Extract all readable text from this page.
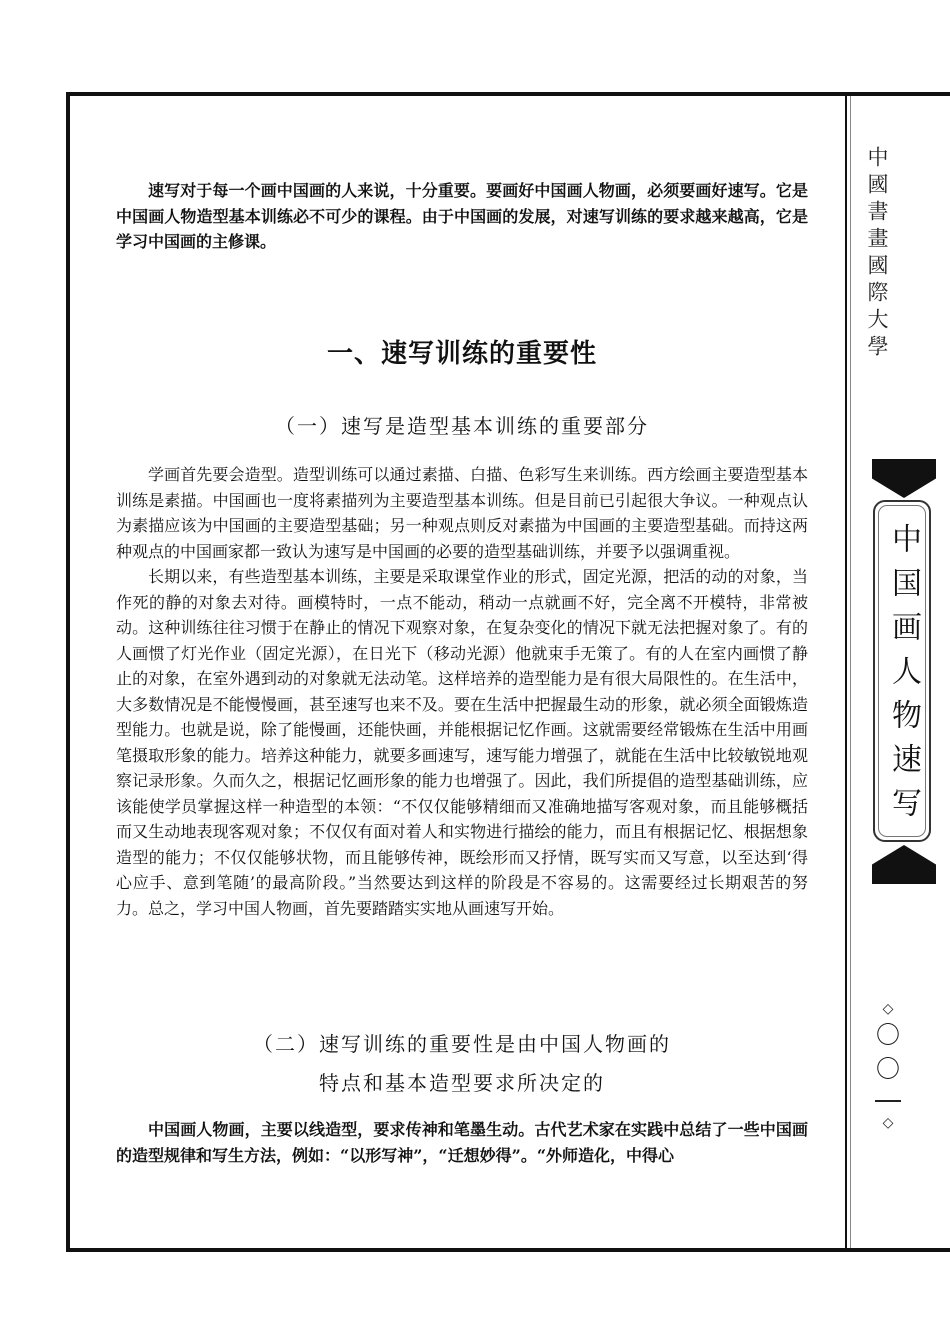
中國書畫國際大學
中国画人物速写
◇
〇
〇
◇

速写对于每一个画中国画的人来说，十分重要。要画好中国画人物画，必须要画好速写。它是中国画人物造型基本训练必不可少的课程。由于中国画的发展，对速写训练的要求越来越高，它是学习中国画的主修课。

一、速写训练的重要性
（一）速写是造型基本训练的重要部分

学画首先要会造型。造型训练可以通过素描、白描、色彩写生来训练。西方绘画主要造型基本训练是素描。中国画也一度将素描列为主要造型基本训练。但是目前已引起很大争议。一种观点认为素描应该为中国画的主要造型基础；另一种观点则反对素描为中国画的主要造型基础。而持这两种观点的中国画家都一致认为速写是中国画的必要的造型基础训练，并要予以强调重视。

长期以来，有些造型基本训练，主要是采取课堂作业的形式，固定光源，把活的动的对象，当作死的静的对象去对待。画模特时，一点不能动，稍动一点就画不好，完全离不开模特，非常被动。这种训练往往习惯于在静止的情况下观察对象，在复杂变化的情况下就无法把握对象了。有的人画惯了灯光作业（固定光源），在日光下（移动光源）他就束手无策了。有的人在室内画惯了静止的对象，在室外遇到动的对象就无法动笔。这样培养的造型能力是有很大局限性的。在生活中，大多数情况是不能慢慢画，甚至速写也来不及。要在生活中把握最生动的形象，就必须全面锻炼造型能力。也就是说，除了能慢画，还能快画，并能根据记忆作画。这就需要经常锻炼在生活中用画笔摄取形象的能力。培养这种能力，就要多画速写，速写能力增强了，就能在生活中比较敏锐地观察记录形象。久而久之，根据记忆画形象的能力也增强了。因此，我们所提倡的造型基础训练，应该能使学员掌握这样一种造型的本领：“不仅仅能够精细而又准确地描写客观对象，而且能够概括而又生动地表现客观对象；不仅仅有面对着人和实物进行描绘的能力，而且有根据记忆、根据想象造型的能力；不仅仅能够状物，而且能够传神，既绘形而又抒情，既写实而又写意，以至达到‘得心应手、意到笔随’的最高阶段。”当然要达到这样的阶段是不容易的。这需要经过长期艰苦的努力。总之，学习中国人物画，首先要踏踏实实地从画速写开始。

（二）速写训练的重要性是由中国人物画的
特点和基本造型要求所决定的

中国画人物画，主要以线造型，要求传神和笔墨生动。古代艺术家在实践中总结了一些中国画的造型规律和写生方法，例如：“以形写神”，“迁想妙得”。“外师造化，中得心
